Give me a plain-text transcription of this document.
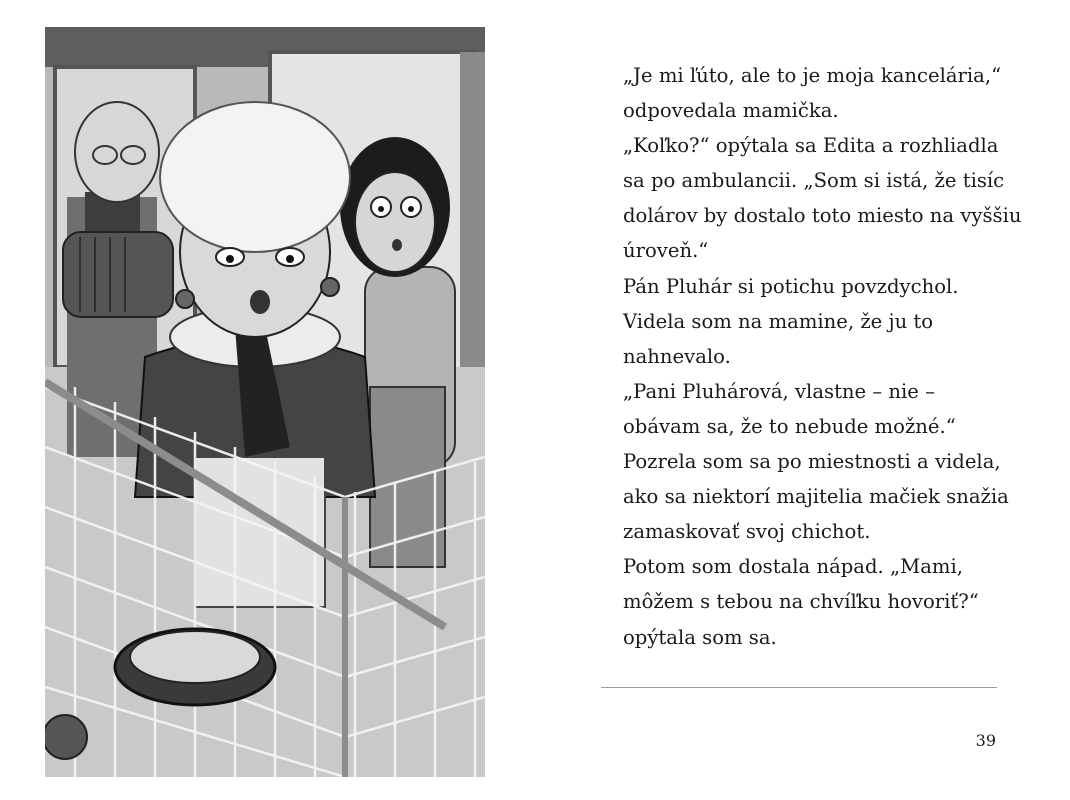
„Je mi ľúto, ale to je moja kancelária,“
odpovedala mamička.

„Koľko?“ opýtala sa Edita a rozhliadla
sa po ambulancii. „Som si istá, že tisíc
dolárov by dostalo toto miesto na vyššiu
úroveň.“

Pán Pluhár si potichu povzdychol.

Videla som na mamine, že ju to
nahnevalo.

„Pani Pluhárová, vlastne – nie –
obávam sa, že to nebude možné.“

Pozrela som sa po miestnosti a videla,
ako sa niektorí majitelia mačiek snažia
zamaskovať svoj chichot.

Potom som dostala nápad. „Mami,
môžem s tebou na chvíľku hovoriť?“
opýtala som sa.

39
